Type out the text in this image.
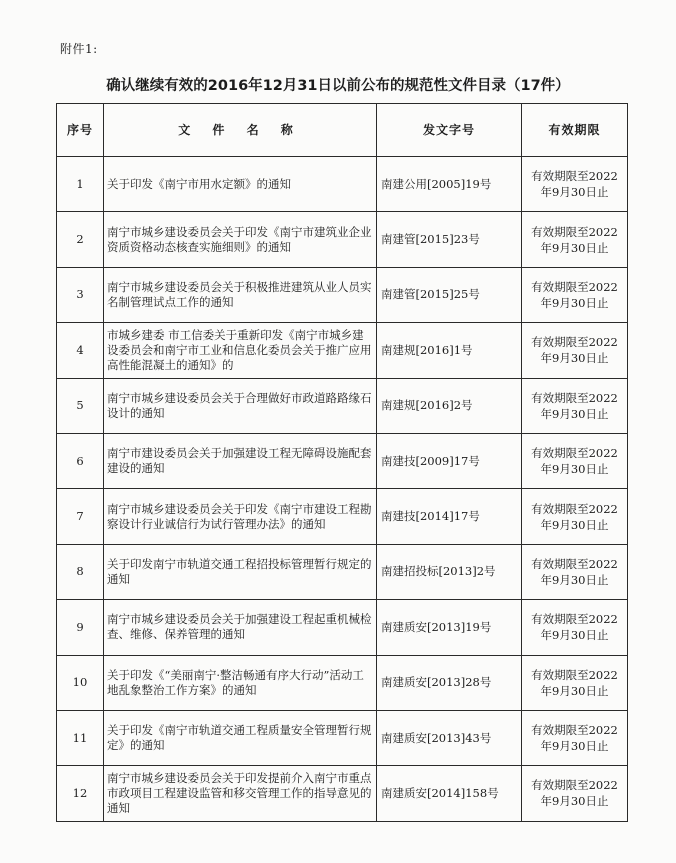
附件1:
确认继续有效的2016年12月31日以前公布的规范性文件目录（17件）
序号	文 件 名 称	发文字号	有效期限
1	关于印发《南宁市用水定额》的通知	南建公用[2005]19号	有效期限至2022
年9月30日止
2	南宁市城乡建设委员会关于印发《南宁市建筑业企业资质资格动态核查实施细则》的通知	南建管[2015]23号	有效期限至2022
年9月30日止
3	南宁市城乡建设委员会关于积极推进建筑从业人员实名制管理试点工作的通知	南建管[2015]25号	有效期限至2022
年9月30日止
4	市城乡建委 市工信委关于重新印发《南宁市城乡建设委员会和南宁市工业和信息化委员会关于推广应用高性能混凝土的通知》的	南建规[2016]1号	有效期限至2022
年9月30日止
5	南宁市城乡建设委员会关于合理做好市政道路路缘石设计的通知	南建规[2016]2号	有效期限至2022
年9月30日止
6	南宁市建设委员会关于加强建设工程无障碍设施配套建设的通知	南建技[2009]17号	有效期限至2022
年9月30日止
7	南宁市城乡建设委员会关于印发《南宁市建设工程勘察设计行业诚信行为试行管理办法》的通知	南建技[2014]17号	有效期限至2022
年9月30日止
8	关于印发南宁市轨道交通工程招投标管理暂行规定的通知	南建招投标[2013]2号	有效期限至2022
年9月30日止
9	南宁市城乡建设委员会关于加强建设工程起重机械检查、维修、保养管理的通知	南建质安[2013]19号	有效期限至2022
年9月30日止
10	关于印发《“美丽南宁·整洁畅通有序大行动”活动工地乱象整治工作方案》的通知	南建质安[2013]28号	有效期限至2022
年9月30日止
11	关于印发《南宁市轨道交通工程质量安全管理暂行规定》的通知	南建质安[2013]43号	有效期限至2022
年9月30日止
12	南宁市城乡建设委员会关于印发提前介入南宁市重点市政项目工程建设监管和移交管理工作的指导意见的通知	南建质安[2014]158号	有效期限至2022
年9月30日止
